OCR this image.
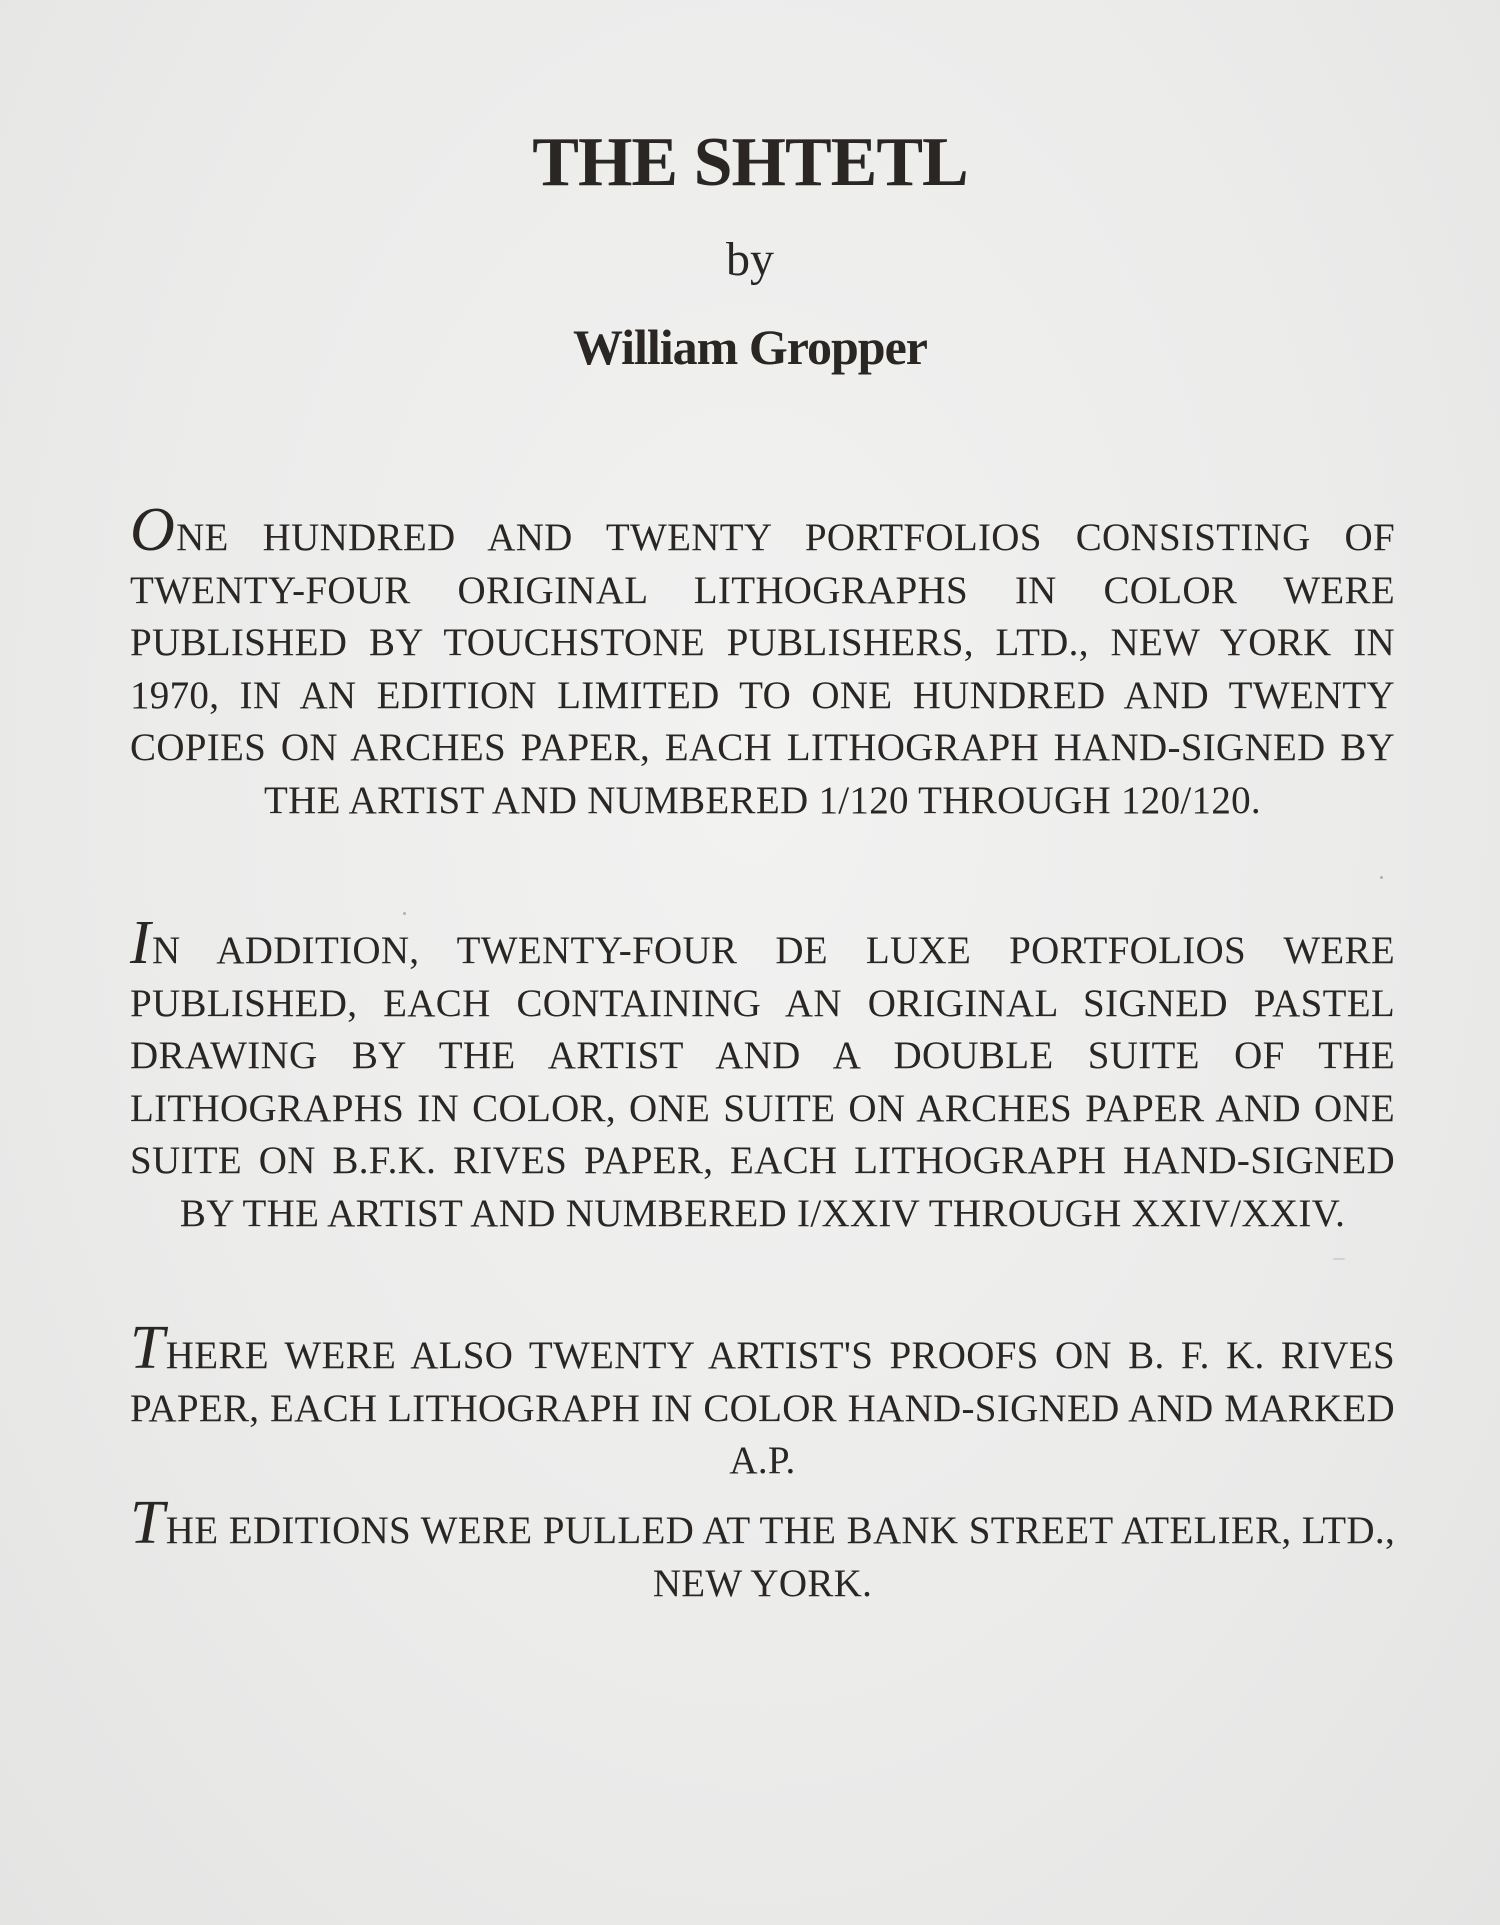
THE SHTETL
by
William Gropper

ONE HUNDRED AND TWENTY PORTFOLIOS CONSISTING OF TWENTY-FOUR ORIGINAL LITHOGRAPHS IN COLOR WERE PUBLISHED BY TOUCHSTONE PUBLISHERS, LTD., NEW YORK IN 1970, IN AN EDITION LIMITED TO ONE HUNDRED AND TWENTY COPIES ON ARCHES PAPER, EACH LITHOGRAPH HAND-SIGNED BY THE ARTIST AND NUMBERED 1/120 THROUGH 120/120.

IN ADDITION, TWENTY-FOUR DE LUXE PORTFOLIOS WERE PUBLISHED, EACH CONTAINING AN ORIGINAL SIGNED PASTEL DRAWING BY THE ARTIST AND A DOUBLE SUITE OF THE LITHOGRAPHS IN COLOR, ONE SUITE ON ARCHES PAPER AND ONE SUITE ON B.F.K. RIVES PAPER, EACH LITHOGRAPH HAND-SIGNED BY THE ARTIST AND NUMBERED I/XXIV THROUGH XXIV/XXIV.

THERE WERE ALSO TWENTY ARTIST'S PROOFS ON B. F. K. RIVES PAPER, EACH LITHOGRAPH IN COLOR HAND-SIGNED AND MARKED A.P.

THE EDITIONS WERE PULLED AT THE BANK STREET ATELIER, LTD., NEW YORK.
